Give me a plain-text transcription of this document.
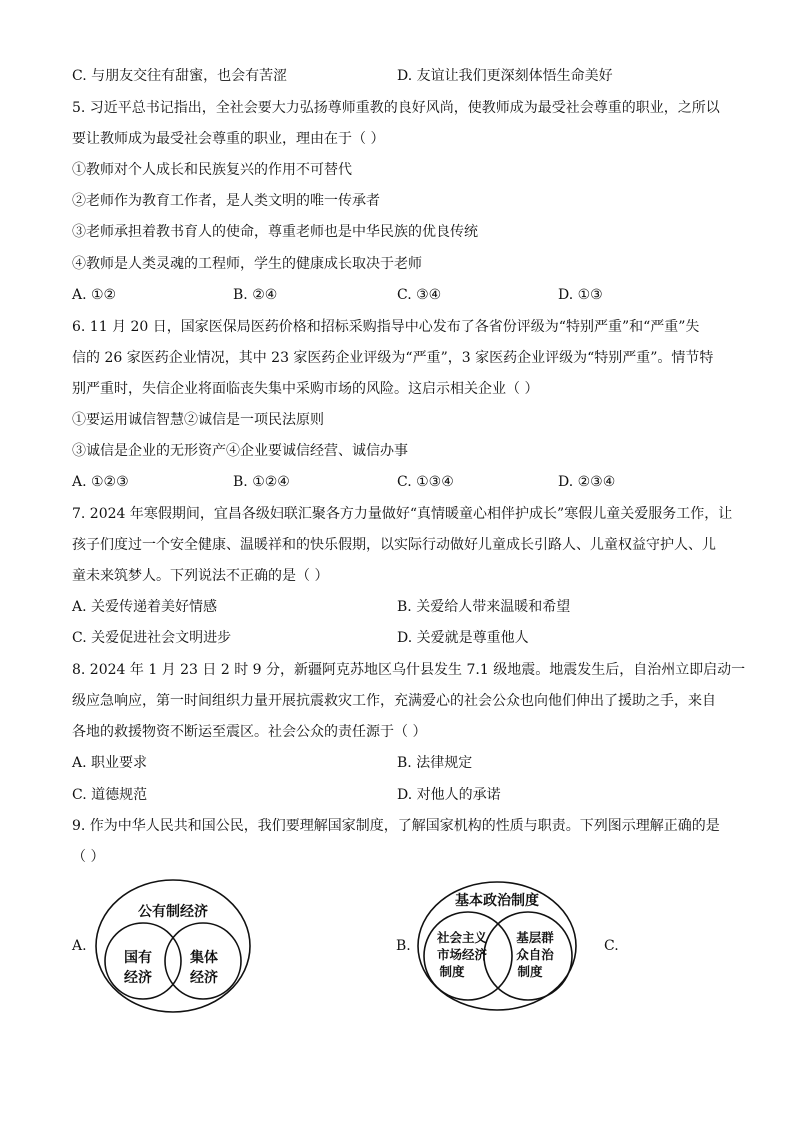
C. 与朋友交往有甜蜜，也会有苦涩	D. 友谊让我们更深刻体悟生命美好
5. 习近平总书记指出，全社会要大力弘扬尊师重教的良好风尚，使教师成为最受社会尊重的职业，之所以
要让教师成为最受社会尊重的职业，理由在于（ ）
①教师对个人成长和民族复兴的作用不可替代
②老师作为教育工作者，是人类文明的唯一传承者
③老师承担着教书育人的使命，尊重老师也是中华民族的优良传统
④教师是人类灵魂的工程师，学生的健康成长取决于老师
A. ①②	B. ②④	C. ③④	D. ①③
6. 11 月 20 日，国家医保局医药价格和招标采购指导中心发布了各省份评级为“特别严重”和“严重”失
信的 26 家医药企业情况，其中 23 家医药企业评级为“严重”，3 家医药企业评级为“特别严重”。情节特
别严重时，失信企业将面临丧失集中采购市场的风险。这启示相关企业（ ）
①要运用诚信智慧②诚信是一项民法原则
③诚信是企业的无形资产④企业要诚信经营、诚信办事
A. ①②③	B. ①②④	C. ①③④	D. ②③④
7. 2024 年寒假期间，宜昌各级妇联汇聚各方力量做好“真情暖童心相伴护成长”寒假儿童关爱服务工作，让
孩子们度过一个安全健康、温暖祥和的快乐假期，以实际行动做好儿童成长引路人、儿童权益守护人、儿
童未来筑梦人。下列说法不正确的是（ ）
A. 关爱传递着美好情感	B. 关爱给人带来温暖和希望
C. 关爱促进社会文明进步	D. 关爱就是尊重他人
8. 2024 年 1 月 23 日 2 时 9 分，新疆阿克苏地区乌什县发生 7.1 级地震。地震发生后，自治州立即启动一
级应急响应，第一时间组织力量开展抗震救灾工作，充满爱心的社会公众也向他们伸出了援助之手，来自
各地的救援物资不断运至震区。社会公众的责任源于（ ）
A. 职业要求	B. 法律规定
C. 道德规范	D. 对他人的承诺
9. 作为中华人民共和国公民，我们要理解国家制度，了解国家机构的性质与职责。下列图示理解正确的是
（ ）
A.
公有制经济
国有
经济
集体
经济
B.
基本政治制度
社会主义
市场经济
制度
基层群
众自治
制度
C.
